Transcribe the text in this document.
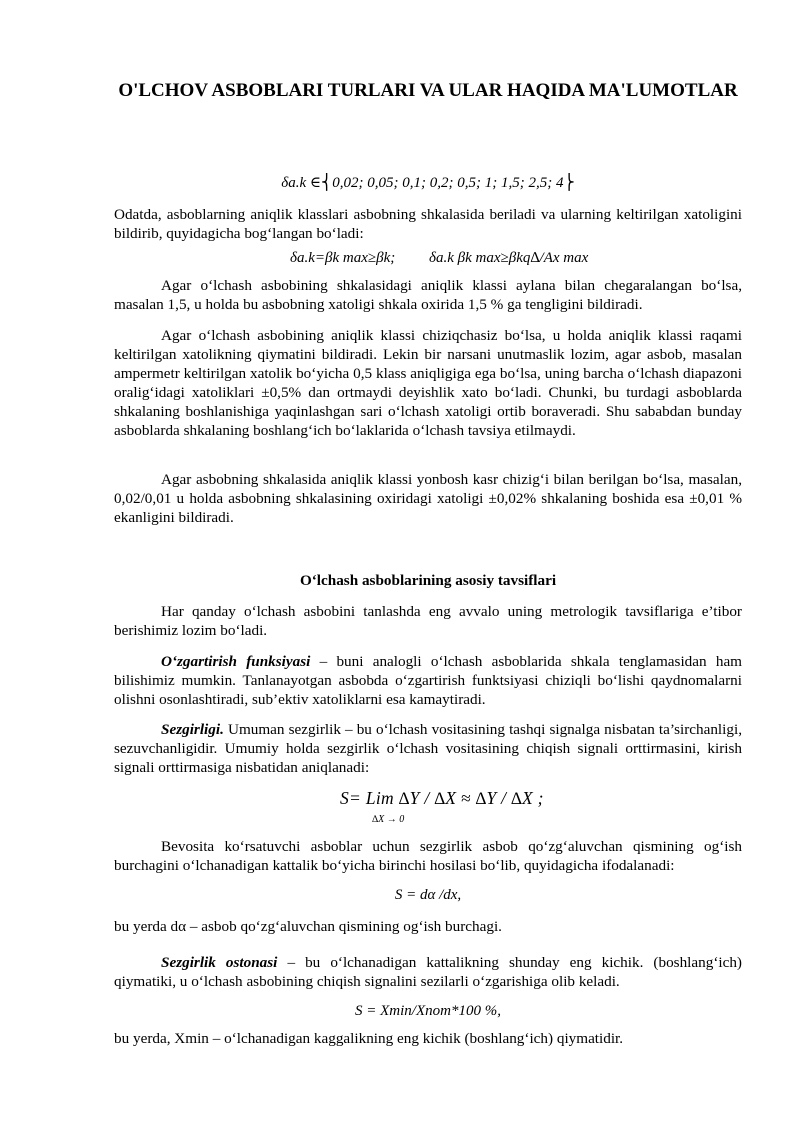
O'LCHOV ASBOBLARI TURLARI VA ULAR HAQIDA MA'LUMOTLAR
δa.k ∈⎨0,02; 0,05; 0,1; 0,2; 0,5; 1; 1,5; 2,5; 4⎬

Odatda, asboblarning aniqlik klasslari asbobning shkalasida beriladi va ularning keltirilgan xatoligini bildirib, quyidagicha bog‘langan bo‘ladi:

δa.k=βk max≥βk; δa.k βk max≥βkq∆/Ax max

Agar o‘lchash asbobining shkalasidagi aniqlik klassi aylana bilan chegaralangan bo‘lsa, masalan 1,5, u holda bu asbobning xatoligi shkala oxirida 1,5 % ga tengligini bildiradi.

Agar o‘lchash asbobining aniqlik klassi chiziqchasiz bo‘lsa, u holda aniqlik klassi raqami keltirilgan xatolikning qiymatini bildiradi. Lekin bir narsani unutmaslik lozim, agar asbob, masalan ampermetr keltirilgan xatolik bo‘yicha 0,5 klass aniqligiga ega bo‘lsa, uning barcha o‘lchash diapazoni oralig‘idagi xatoliklari ±0,5% dan ortmaydi deyishlik xato bo‘ladi. Chunki, bu turdagi asboblarda shkalaning boshlanishiga yaqinlashgan sari o‘lchash xatoligi ortib boraveradi. Shu sababdan bunday asboblarda shkalaning boshlang‘ich bo‘laklarida o‘lchash tavsiya etilmaydi.

Agar asbobning shkalasida aniqlik klassi yonbosh kasr chizig‘i bilan berilgan bo‘lsa, masalan, 0,02/0,01 u holda asbobning shkalasining oxiridagi xatoligi ±0,02% shkalaning boshida esa ±0,01 % ekanligini bildiradi.

O‘lchash asboblarining asosiy tavsiflari

Har qanday o‘lchash asbobini tanlashda eng avvalo uning metrologik tavsiflariga e’tibor berishimiz lozim bo‘ladi.

O‘zgartirish funksiyasi – buni analogli o‘lchash asboblarida shkala tenglamasidan ham bilishimiz mumkin. Tanlanayotgan asbobda o‘zgartirish funktsiyasi chiziqli bo‘lishi qaydnomalarni olishni osonlashtiradi, sub’ektiv xatoliklarni esa kamaytiradi.

Sezgirligi. Umuman sezgirlik – bu o‘lchash vositasining tashqi signalga nisbatan ta’sirchanligi, sezuvchanligidir. Umumiy holda sezgirlik o‘lchash vositasining chiqish signali orttirmasini, kirish signali orttirmasiga nisbatidan aniqlanadi:

S= Lim ∆Y / ∆X ≈ ∆Y / ∆X ;
∆X → 0

Bevosita ko‘rsatuvchi asboblar uchun sezgirlik asbob qo‘zg‘aluvchan qismining og‘ish burchagini o‘lchanadigan kattalik bo‘yicha birinchi hosilasi bo‘lib, quyidagicha ifodalanadi:

S = dα /dx,

bu yerda dα – asbob qo‘zg‘aluvchan qismining og‘ish burchagi.

Sezgirlik ostonasi – bu o‘lchanadigan kattalikning shunday eng kichik. (boshlang‘ich) qiymatiki, u o‘lchash asbobining chiqish signalini sezilarli o‘zgarishiga olib keladi.

S = Xmin/Xnom*100 %,

bu yerda, Xmin – o‘lchanadigan kaggalikning eng kichik (boshlang‘ich) qiymatidir.
